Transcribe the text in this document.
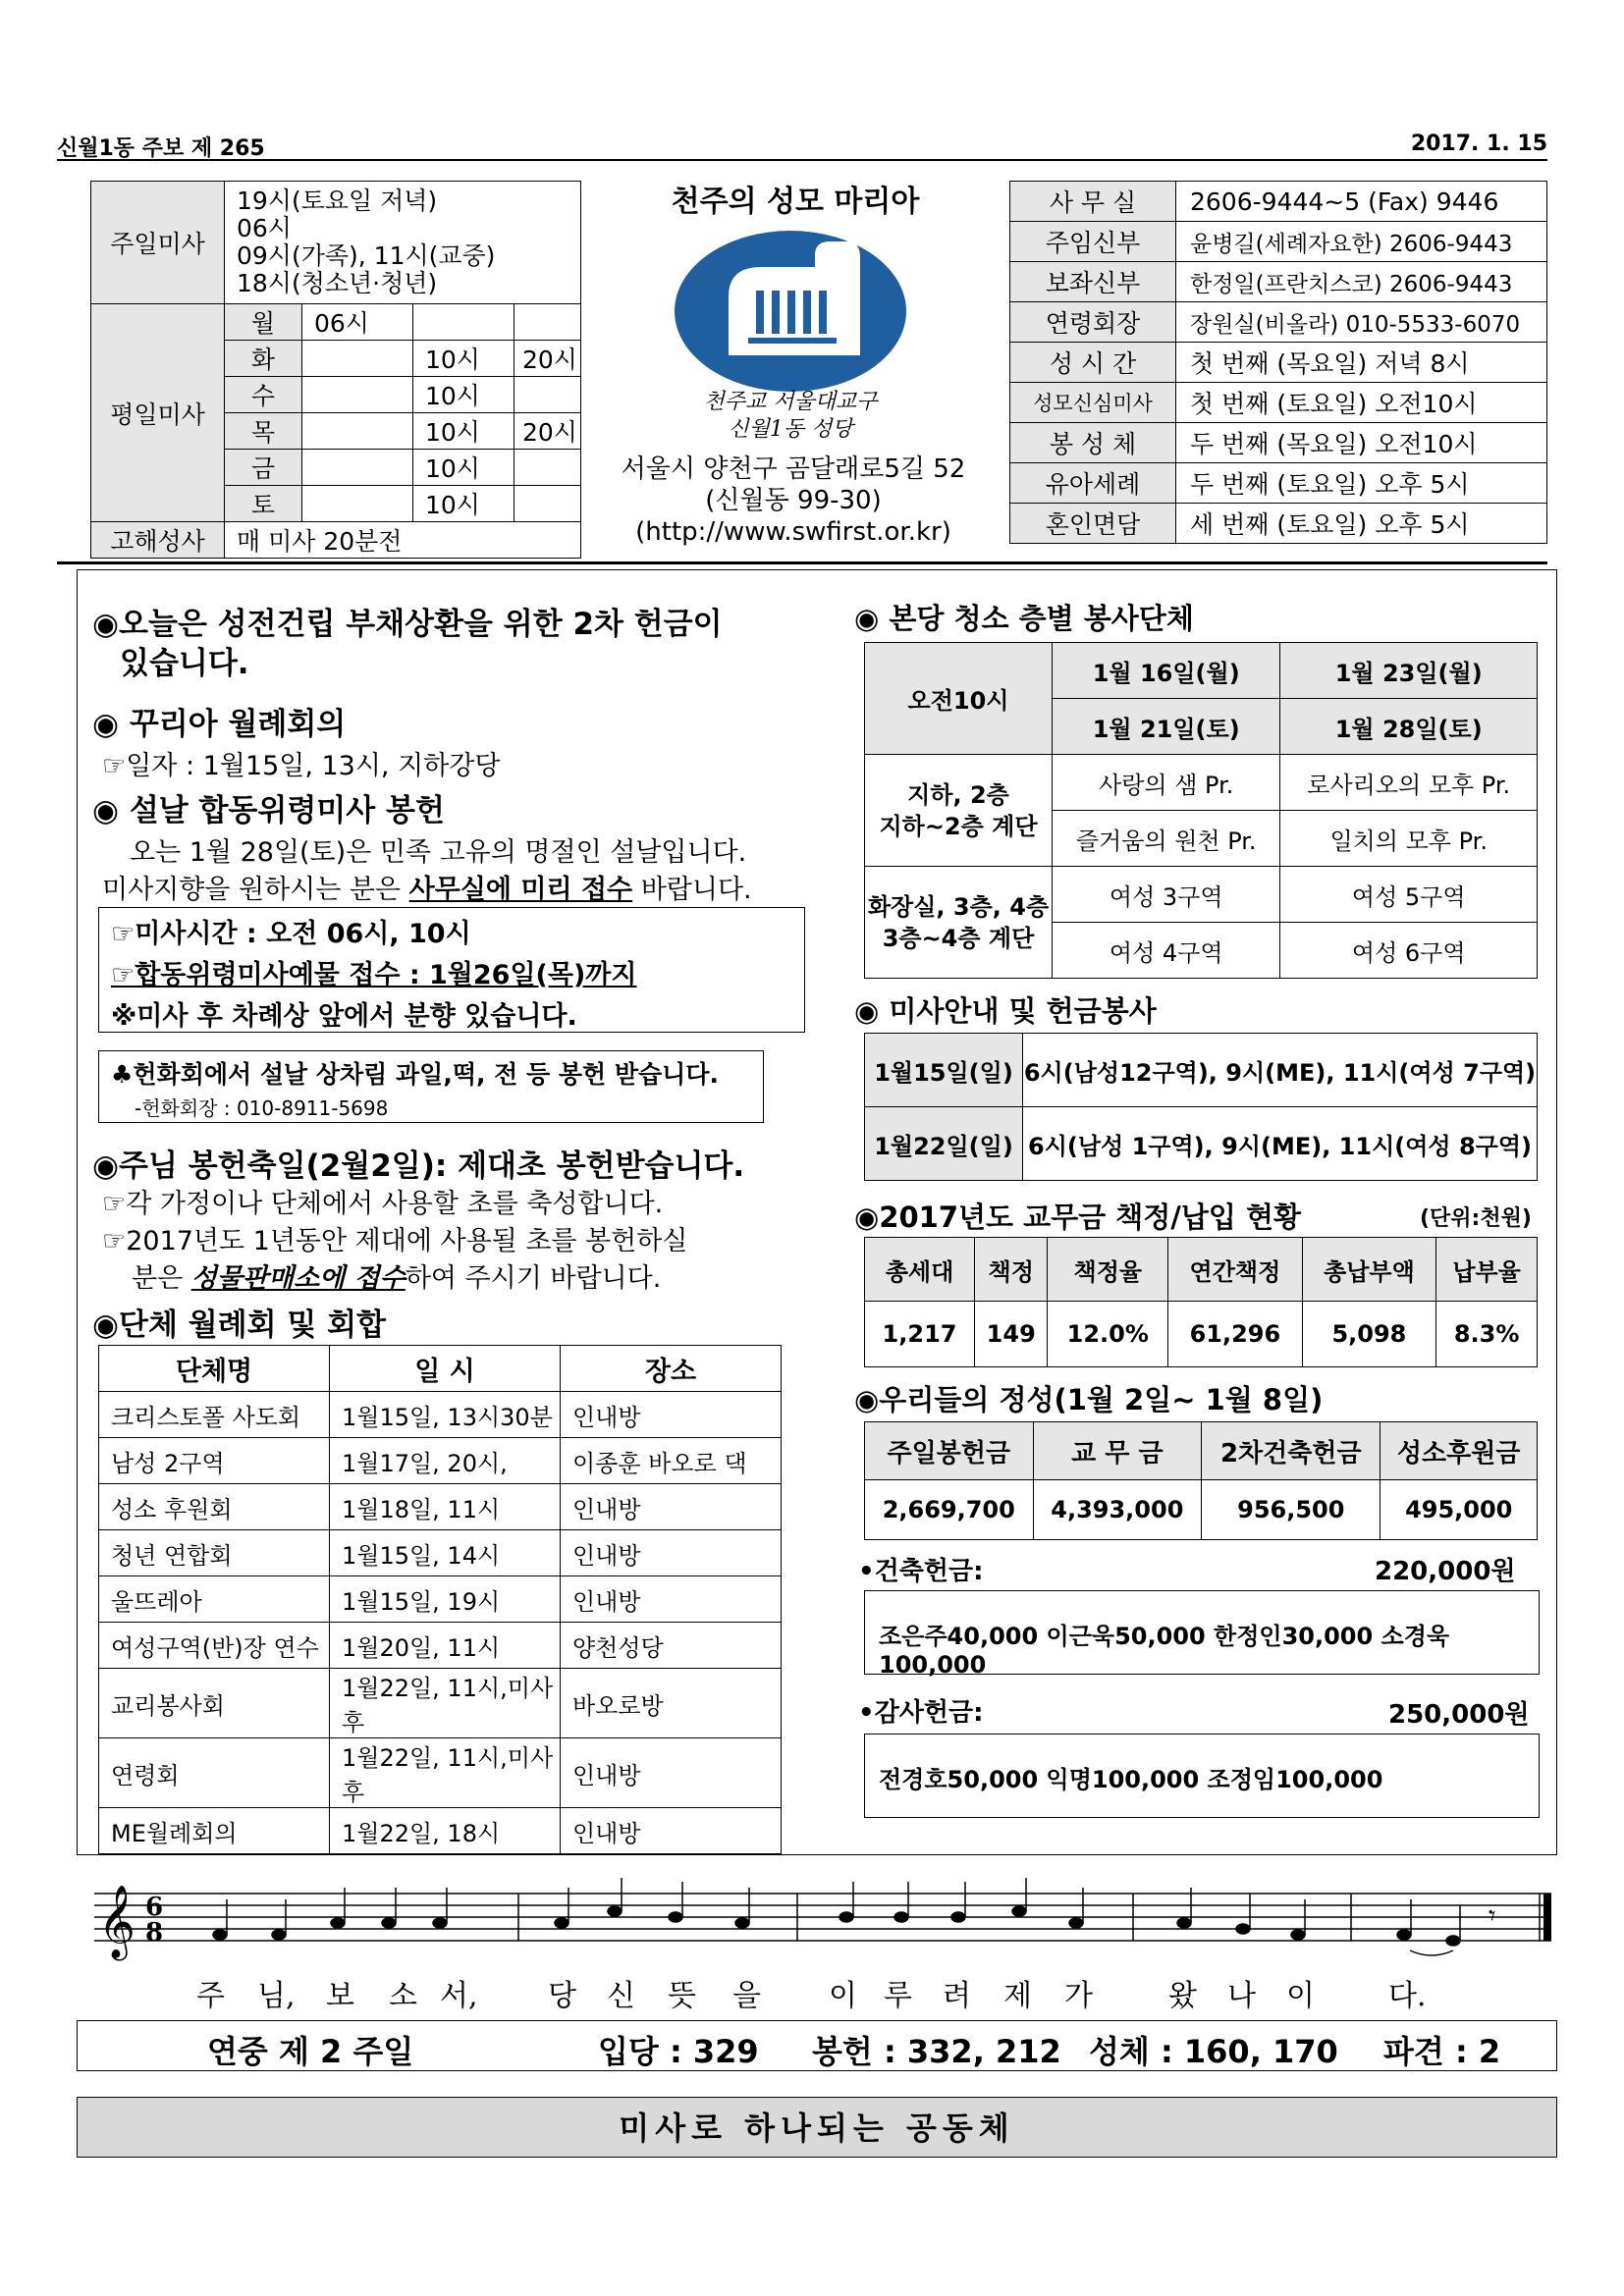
신월1동 주보 제 265	2017. 1. 15
주일미사	19시(토요일 저녁)
06시
09시(가족), 11시(교중)
18시(청소년·청년)			

평일미사	월	06시		
	화		10시	20시
	수		10시	
	목		10시	20시
	금		10시	
	토		10시	
고해성사	매 미사 20분전			
천주의 성모 마리아
천주교 서울대교구
신월1동 성당
서울시 양천구 곰달래로5길 52
(신월동 99-30)
(http://www.swfirst.or.kr)
사 무 실	2606-9444~5 (Fax) 9446
주임신부	윤병길(세례자요한) 2606-9443
보좌신부	한정일(프란치스코) 2606-9443
연령회장	장원실(비올라) 010-5533-6070
성 시 간	첫 번째 (목요일) 저녁 8시
성모신심미사	첫 번째 (토요일) 오전10시
봉 성 체	두 번째 (목요일) 오전10시
유아세례	두 번째 (토요일) 오후 5시
혼인면담	세 번째 (토요일) 오후 5시
◉오늘은 성전건립 부채상환을 위한 2차 헌금이
있습니다.
◉ 꾸리아 월례회의
☞일자 : 1월15일, 13시, 지하강당
◉ 설날 합동위령미사 봉헌
오는 1월 28일(토)은 민족 고유의 명절인 설날입니다.
미사지향을 원하시는 분은 사무실에 미리 접수 바랍니다.
☞미사시간 : 오전 06시, 10시
☞합동위령미사예물 접수 : 1월26일(목)까지
※미사 후 차례상 앞에서 분향 있습니다.
♣헌화회에서 설날 상차림 과일,떡, 전 등 봉헌 받습니다.
-헌화회장 : 010-8911-5698
◉주님 봉헌축일(2월2일): 제대초 봉헌받습니다.
☞각 가정이나 단체에서 사용할 초를 축성합니다.
☞2017년도 1년동안 제대에 사용될 초를 봉헌하실
분은 성물판매소에 접수하여 주시기 바랍니다.
◉단체 월례회 및 회합
단체명	일 시	장소
크리스토폴 사도회	1월15일, 13시30분	인내방
남성 2구역	1월17일, 20시,	이종훈 바오로 댁
성소 후원회	1월18일, 11시	인내방
청년 연합회	1월15일, 14시	인내방
울뜨레아	1월15일, 19시	인내방
여성구역(반)장 연수	1월20일, 11시	양천성당
교리봉사회	1월22일, 11시,미사후	바오로방
연령회	1월22일, 11시,미사후	인내방
ME월례회의	1월22일, 18시	인내방
◉ 본당 청소 층별 봉사단체
오전10시	1월 16일(월)	1월 23일(월)
	1월 21일(토)	1월 28일(토)

지하, 2층
지하~2층 계단	사랑의 샘 Pr.	로사리오의 모후 Pr.
	즐거움의 원천 Pr.	일치의 모후 Pr.

화장실, 3층, 4층
3층~4층 계단	여성 3구역	여성 5구역
	여성 4구역	여성 6구역
◉ 미사안내 및 헌금봉사
1월15일(일)	6시(남성12구역), 9시(ME), 11시(여성 7구역)
1월22일(일)	6시(남성 1구역), 9시(ME), 11시(여성 8구역)
◉2017년도 교무금 책정/납입 현황	(단위:천원)
총세대	책정	책정율	연간책정	총납부액	납부율
1,217	149	12.0%	61,296	5,098	8.3%
◉우리들의 정성(1월 2일~ 1월 8일)
주일봉헌금	교 무 금	2차건축헌금	성소후원금
2,669,700	4,393,000	956,500	495,000
•건축헌금:	220,000원
조은주40,000 이근욱50,000 한정인30,000 소경욱100,000
•감사헌금:	250,000원
전경호50,000 익명100,000 조정임100,000
𝄞 6
8
𝄾
주 님, 보 소 서, 당 신 뜻 을 이 루 려 제 가	왔 나 이	다.
연중 제 2 주일	입당 : 329 봉헌 : 332, 212 성체 : 160, 170 파견 : 2
미사로 하나되는 공동체
